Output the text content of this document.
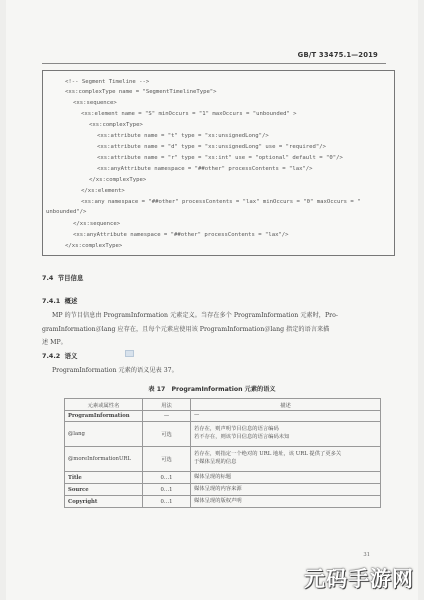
GB/T 33475.1—2019
<!-- Segment Timeline -->
<xs:complexType name = "SegmentTimelineType">
<xs:sequence>
<xs:element name = "S" minOccurs = "1" maxOccurs = "unbounded" >
<xs:complexType>
<xs:attribute name = "t" type = "xs:unsignedLong"/>
<xs:attribute name = "d" type = "xs:unsignedLong" use = "required"/>
<xs:attribute name = "r" type = "xs:int" use = "optional" default = "0"/>
<xs:anyAttribute namespace = "##other" processContents = "lax"/>
</xs:complexType>
</xs:element>
<xs:any namespace = "##other" processContents = "lax" minOccurs = "0" maxOccurs = "
unbounded"/>
</xs:sequence>
<xs:anyAttribute namespace = "##other" processContents = "lax"/>
</xs:complexType>
7.4 节目信息
7.4.1 概述
MP 的节目信息由 ProgramInformation 元素定义。当存在多个 ProgramInformation 元素时，Pro-
gramInformation＠lang 应存在，且每个元素应使用该 ProgramInformation＠lang 指定的语言来描
述 MP。
7.4.2 语义
ProgramInformation 元素的语义见表 37。
表 17　ProgramInformation 元素的语义
元素或属性名	用法	描述
ProgramInformation	—	—

@lang	可选	若存在，则声明节目信息的语言编码
若不存在，则该节目信息的语言编码未知

@moreInformationURL	可选	若存在，则指定一个绝对的 URL 地址，该 URL 提供了更多关
于媒体呈现的信息

Title	0…1	媒体呈现的标题

Source	0…1	媒体呈现的内容来源

Copyright	0…1	媒体呈现的版权声明
31
元码手游网
